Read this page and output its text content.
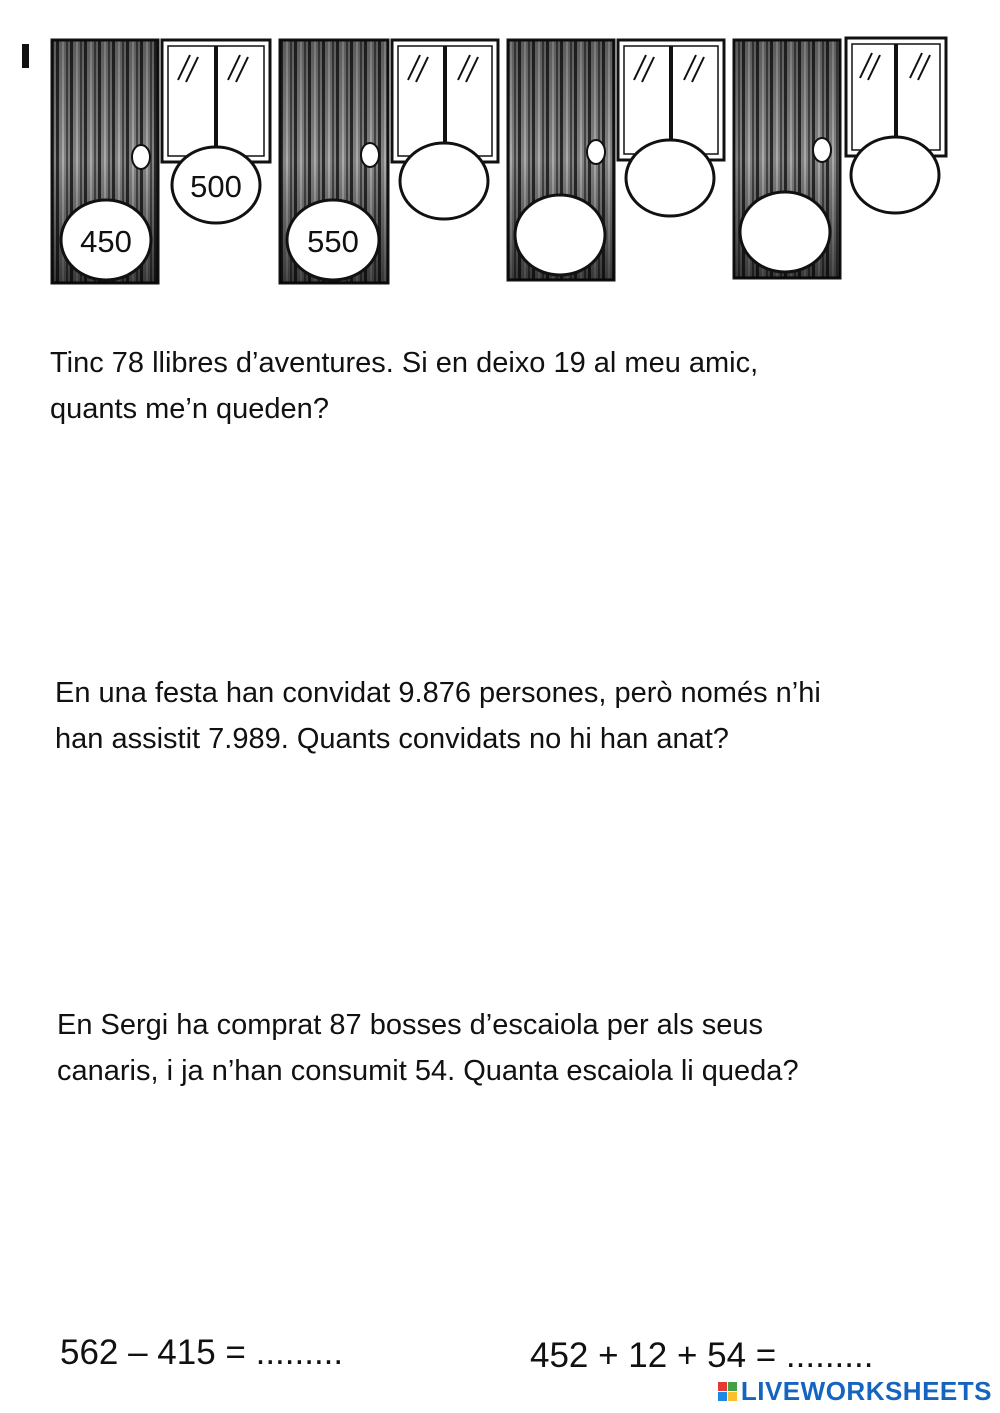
450
500
550

Tinc 78 llibres d’aventures. Si en deixo 19 al meu amic,
quants me’n queden?

En una festa han convidat 9.876 persones, però només n’hi
han assistit 7.989. Quants convidats no hi han anat?

En Sergi ha comprat 87 bosses d’escaiola per als seus
canaris, i ja n’han consumit 54. Quanta escaiola li queda?

562 – 415 = .........	452 + 12 + 54 = .........
LIVEWORKSHEETS
